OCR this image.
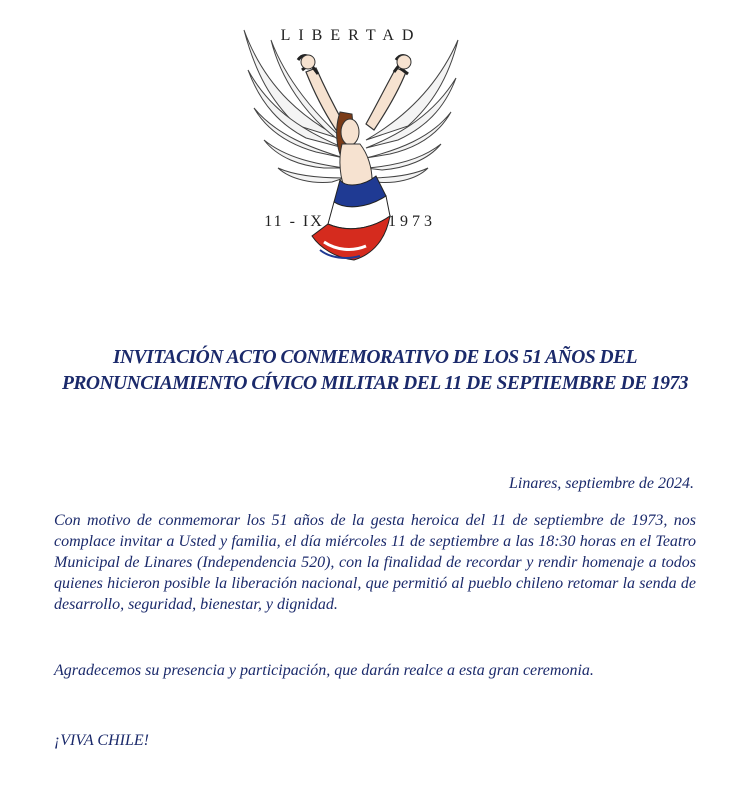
LIBERTAD
11 - IX	1973
INVITACIÓN ACTO CONMEMORATIVO DE LOS 51 AÑOS DEL PRONUNCIAMIENTO CÍVICO MILITAR DEL 11 DE SEPTIEMBRE DE 1973
Linares, septiembre de 2024.

Con motivo de conmemorar los 51 años de la gesta heroica del 11 de septiembre de 1973, nos complace invitar a Usted y familia, el día miércoles 11 de septiembre a las 18:30 horas en el Teatro Municipal de Linares (Independencia 520), con la finalidad de recordar y rendir homenaje a todos quienes hicieron posible la liberación nacional, que permitió al pueblo chileno retomar la senda de desarrollo, seguridad, bienestar, y dignidad.

Agradecemos su presencia y participación, que darán realce a esta gran ceremonia.

¡VIVA CHILE!
